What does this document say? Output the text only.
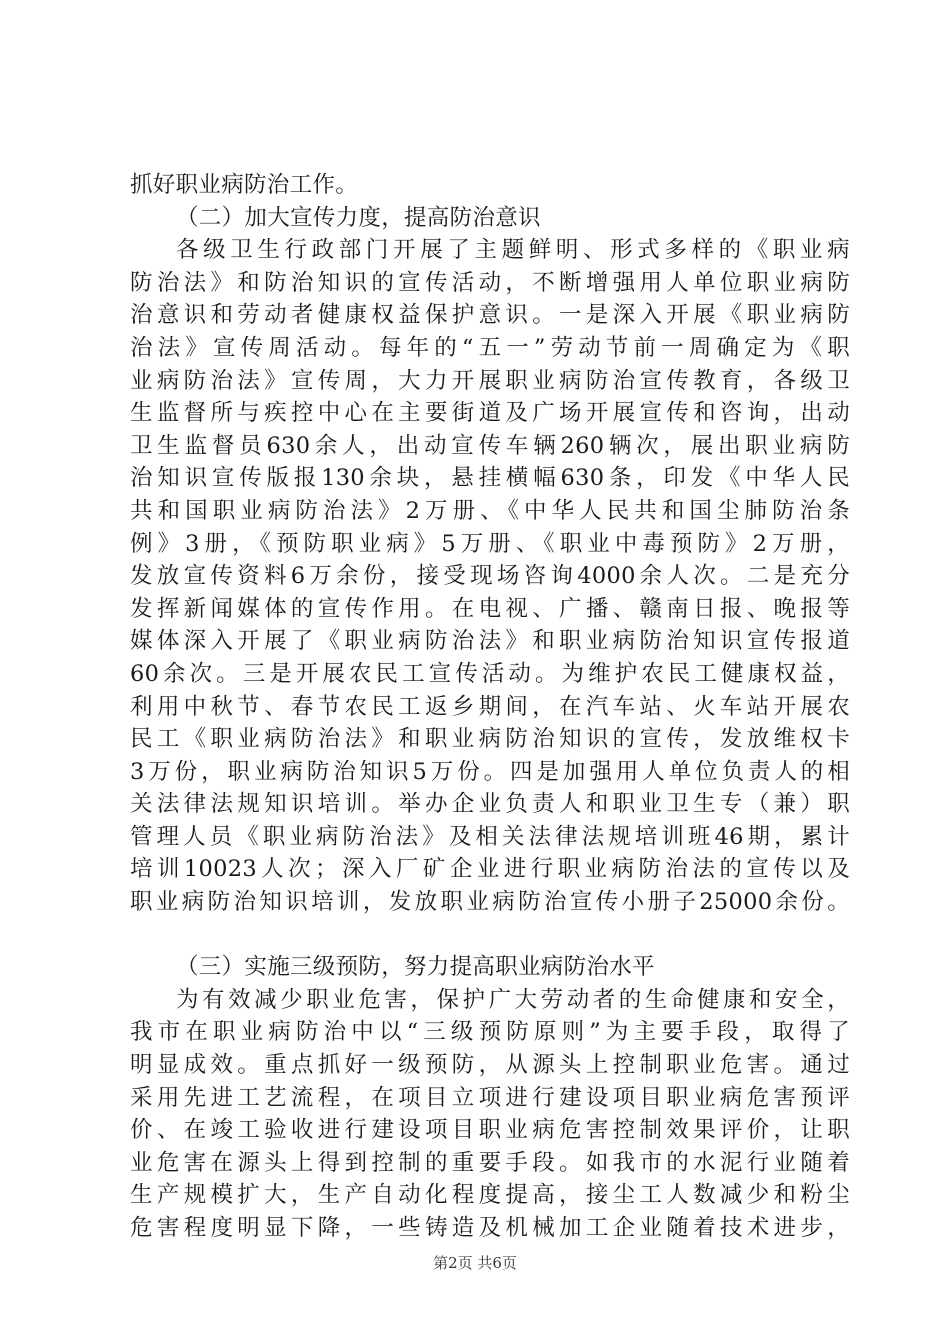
抓好职业病防治工作。
（二）加大宣传力度，提高防治意识
各级卫生行政部门开展了主题鲜明、形式多样的《职业病
防治法》和防治知识的宣传活动，不断增强用人单位职业病防
治意识和劳动者健康权益保护意识。一是深入开展《职业病防
治法》宣传周活动。每年的“五一”劳动节前一周确定为《职
业病防治法》宣传周，大力开展职业病防治宣传教育，各级卫
生监督所与疾控中心在主要街道及广场开展宣传和咨询，出动
卫生监督员630余人，出动宣传车辆260辆次，展出职业病防
治知识宣传版报130余块，悬挂横幅630条，印发《中华人民
共和国职业病防治法》2万册、《中华人民共和国尘肺防治条
例》3册，《预防职业病》5万册、《职业中毒预防》2万册，
发放宣传资料6万余份，接受现场咨询4000余人次。二是充分
发挥新闻媒体的宣传作用。在电视、广播、赣南日报、晚报等
媒体深入开展了《职业病防治法》和职业病防治知识宣传报道
60余次。三是开展农民工宣传活动。为维护农民工健康权益，
利用中秋节、春节农民工返乡期间，在汽车站、火车站开展农
民工《职业病防治法》和职业病防治知识的宣传，发放维权卡
3万份，职业病防治知识5万份。四是加强用人单位负责人的相
关法律法规知识培训。举办企业负责人和职业卫生专（兼）职
管理人员《职业病防治法》及相关法律法规培训班46期，累计
培训10023人次；深入厂矿企业进行职业病防治法的宣传以及
职业病防治知识培训，发放职业病防治宣传小册子25000余份。
（三）实施三级预防，努力提高职业病防治水平
为有效减少职业危害，保护广大劳动者的生命健康和安全，
我市在职业病防治中以“三级预防原则”为主要手段，取得了
明显成效。重点抓好一级预防，从源头上控制职业危害。通过
采用先进工艺流程，在项目立项进行建设项目职业病危害预评
价、在竣工验收进行建设项目职业病危害控制效果评价，让职
业危害在源头上得到控制的重要手段。如我市的水泥行业随着
生产规模扩大，生产自动化程度提高，接尘工人数减少和粉尘
危害程度明显下降，一些铸造及机械加工企业随着技术进步，
第2页 共6页
